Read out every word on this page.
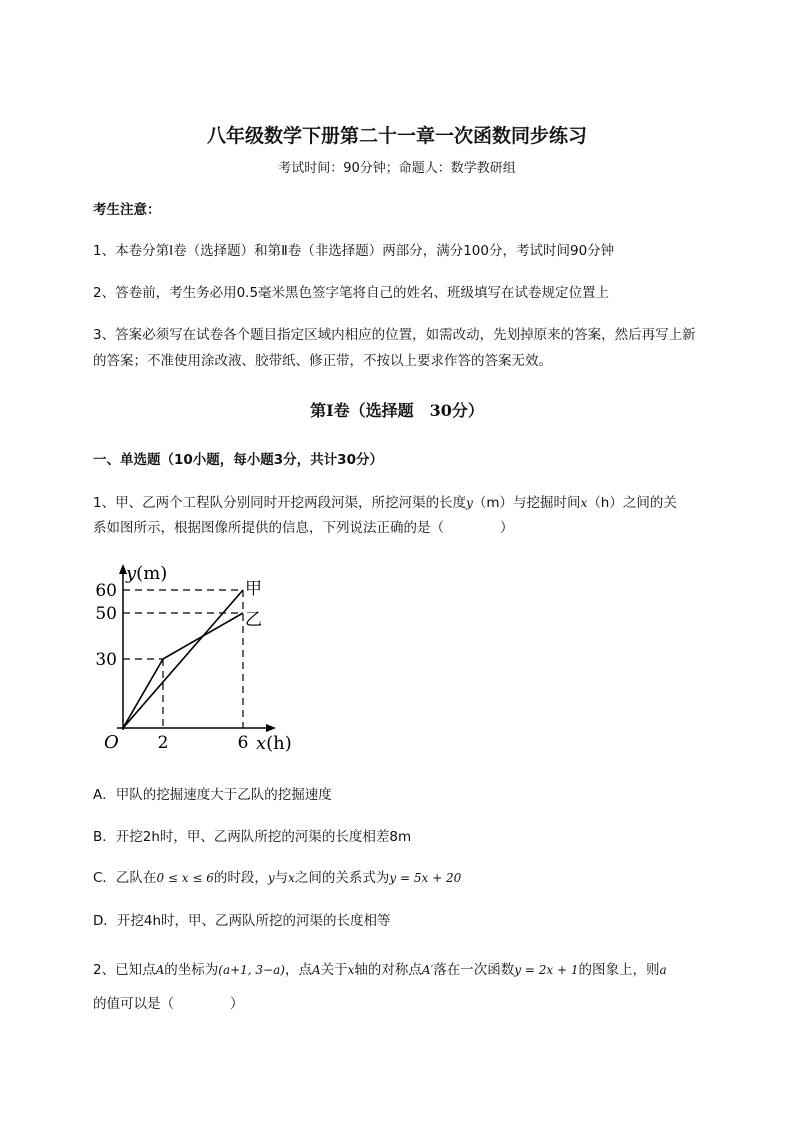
八年级数学下册第二十一章一次函数同步练习
考试时间：90分钟；命题人：数学教研组
考生注意：
1、本卷分第I卷（选择题）和第Ⅱ卷（非选择题）两部分，满分100分，考试时间90分钟
2、答卷前，考生务必用0.5毫米黑色签字笔将自己的姓名、班级填写在试卷规定位置上
3、答案必须写在试卷各个题目指定区域内相应的位置，如需改动，先划掉原来的答案，然后再写上新
的答案；不准使用涂改液、胶带纸、修正带，不按以上要求作答的答案无效。
第I卷（选择题　30分）
一、单选题（10小题，每小题3分，共计30分）
1、甲、乙两个工程队分别同时开挖两段河渠，所挖河渠的长度y（m）与挖掘时间x（h）之间的关
系如图所示，根据图像所提供的信息，下列说法正确的是（	）
30
50
60
2	6
O
y(m)
x(h)
甲
乙
A．甲队的挖掘速度大于乙队的挖掘速度
B．开挖2h时，甲、乙两队所挖的河渠的长度相差8m
C．乙队在0 ≤ x ≤ 6的时段，y与x之间的关系式为y = 5x + 20
D．开挖4h时，甲、乙两队所挖的河渠的长度相等
2、已知点A的坐标为(a+1, 3−a)，点A关于x轴的对称点A′落在一次函数y = 2x + 1的图象上，则a
的值可以是（	）
